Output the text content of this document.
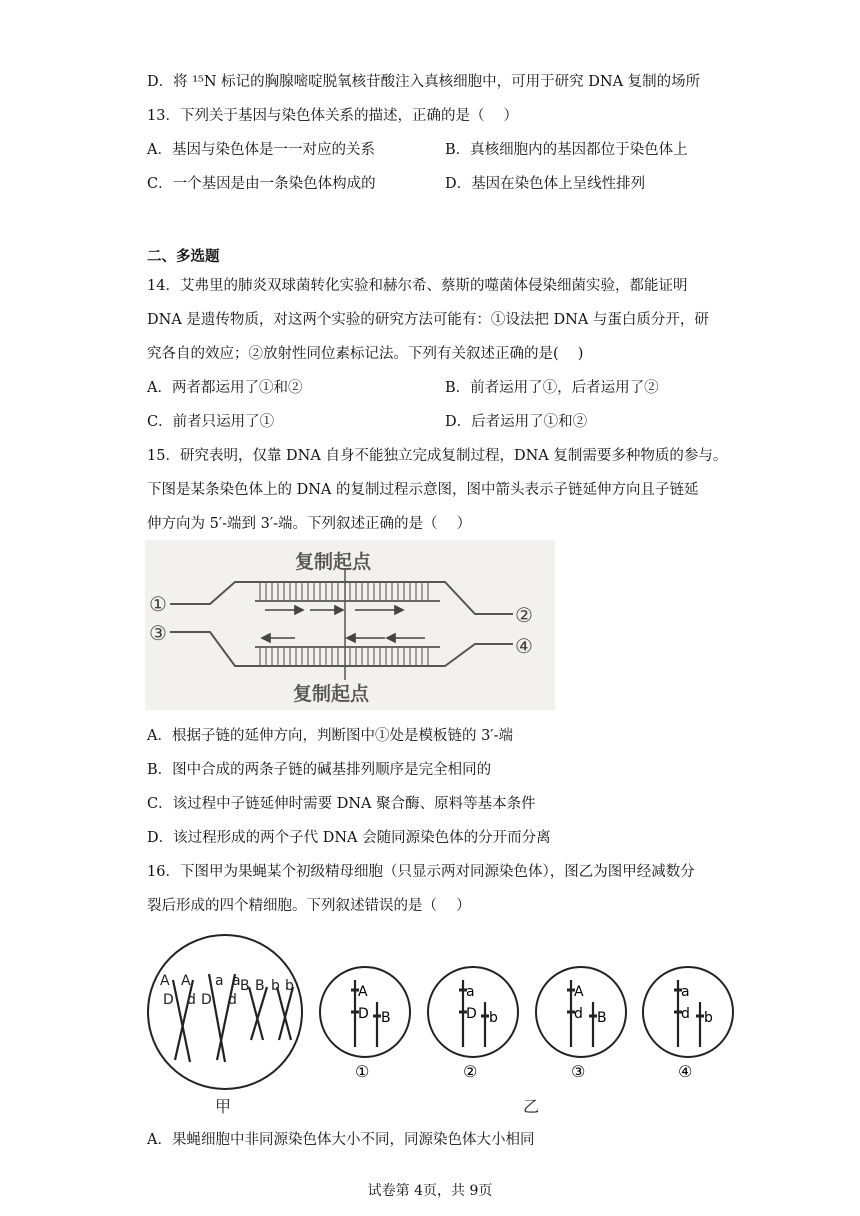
D．将 ¹⁵N 标记的胸腺嘧啶脱氧核苷酸注入真核细胞中，可用于研究 DNA 复制的场所
13．下列关于基因与染色体关系的描述，正确的是（　 ）
A．基因与染色体是一一对应的关系	B．真核细胞内的基因都位于染色体上
C．一个基因是由一条染色体构成的	D．基因在染色体上呈线性排列
二、多选题
14．艾弗里的肺炎双球菌转化实验和赫尔希、蔡斯的噬菌体侵染细菌实验，都能证明
DNA 是遗传物质，对这两个实验的研究方法可能有：①设法把 DNA 与蛋白质分开，研
究各自的效应；②放射性同位素标记法。下列有关叙述正确的是(　 )
A．两者都运用了①和②	B．前者运用了①，后者运用了②
C．前者只运用了①	D．后者运用了①和②
15．研究表明，仅靠 DNA 自身不能独立完成复制过程，DNA 复制需要多种物质的参与。
下图是某条染色体上的 DNA 的复制过程示意图，图中箭头表示子链延伸方向且子链延
伸方向为 5′-端到 3′-端。下列叙述正确的是（　 ）
复制起点
复制起点
①
③
②
④
A．根据子链的延伸方向，判断图中①处是模板链的 3′-端
B．图中合成的两条子链的碱基排列顺序是完全相同的
C．该过程中子链延伸时需要 DNA 聚合酶、原料等基本条件
D．该过程形成的两个子代 DNA 会随同源染色体的分开而分离
16．下图甲为果蝇某个初级精母细胞（只显示两对同源染色体），图乙为图甲经减数分
裂后形成的四个精细胞。下列叙述错误的是（　 ）
A A
D d D d
a a B B b b
甲
A
D B
①
a
D b
②
A
d B
③
a
d b
④
乙
A．果蝇细胞中非同源染色体大小不同，同源染色体大小相同
试卷第 4页，共 9页
